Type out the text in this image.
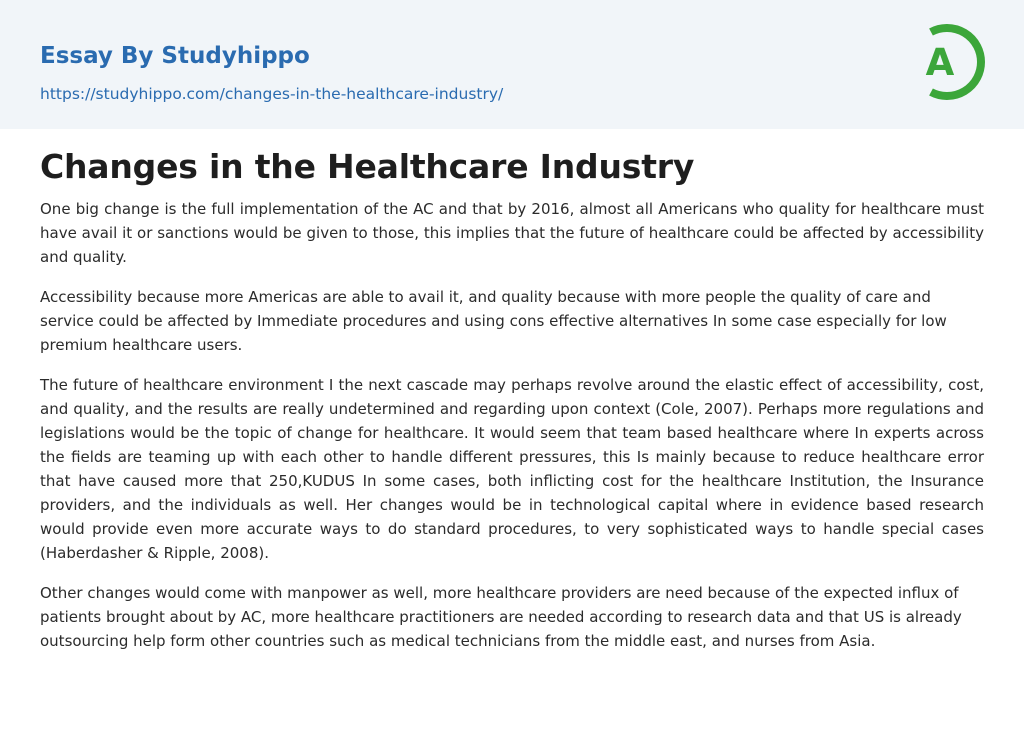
Essay By Studyhippo
https://studyhippo.com/changes-in-the-healthcare-industry/
A
Changes in the Healthcare Industry

One big change is the full implementation of the AC and that by 2016, almost all Americans who quality for healthcare must have avail it or sanctions would be given to those, this implies that the future of healthcare could be affected by accessibility and quality.

Accessibility because more Americas are able to avail it, and quality because with more people the quality of care and service could be affected by Immediate procedures and using cons effective alternatives In some case especially for low premium healthcare users.

The future of healthcare environment I the next cascade may perhaps revolve around the elastic effect of accessibility, cost, and quality, and the results are really undetermined and regarding upon context (Cole, 2007). Perhaps more regulations and legislations would be the topic of change for healthcare. It would seem that team based healthcare where In experts across the fields are teaming up with each other to handle different pressures, this Is mainly because to reduce healthcare error that have caused more that 250,KUDUS In some cases, both inflicting cost for the healthcare Institution, the Insurance providers, and the individuals as well. Her changes would be in technological capital where in evidence based research would provide even more accurate ways to do standard procedures, to very sophisticated ways to handle special cases (Haberdasher & Ripple, 2008).

Other changes would come with manpower as well, more healthcare providers are need because of the expected influx of patients brought about by AC, more healthcare practitioners are needed according to research data and that US is already outsourcing help form other countries such as medical technicians from the middle east, and nurses from Asia.
